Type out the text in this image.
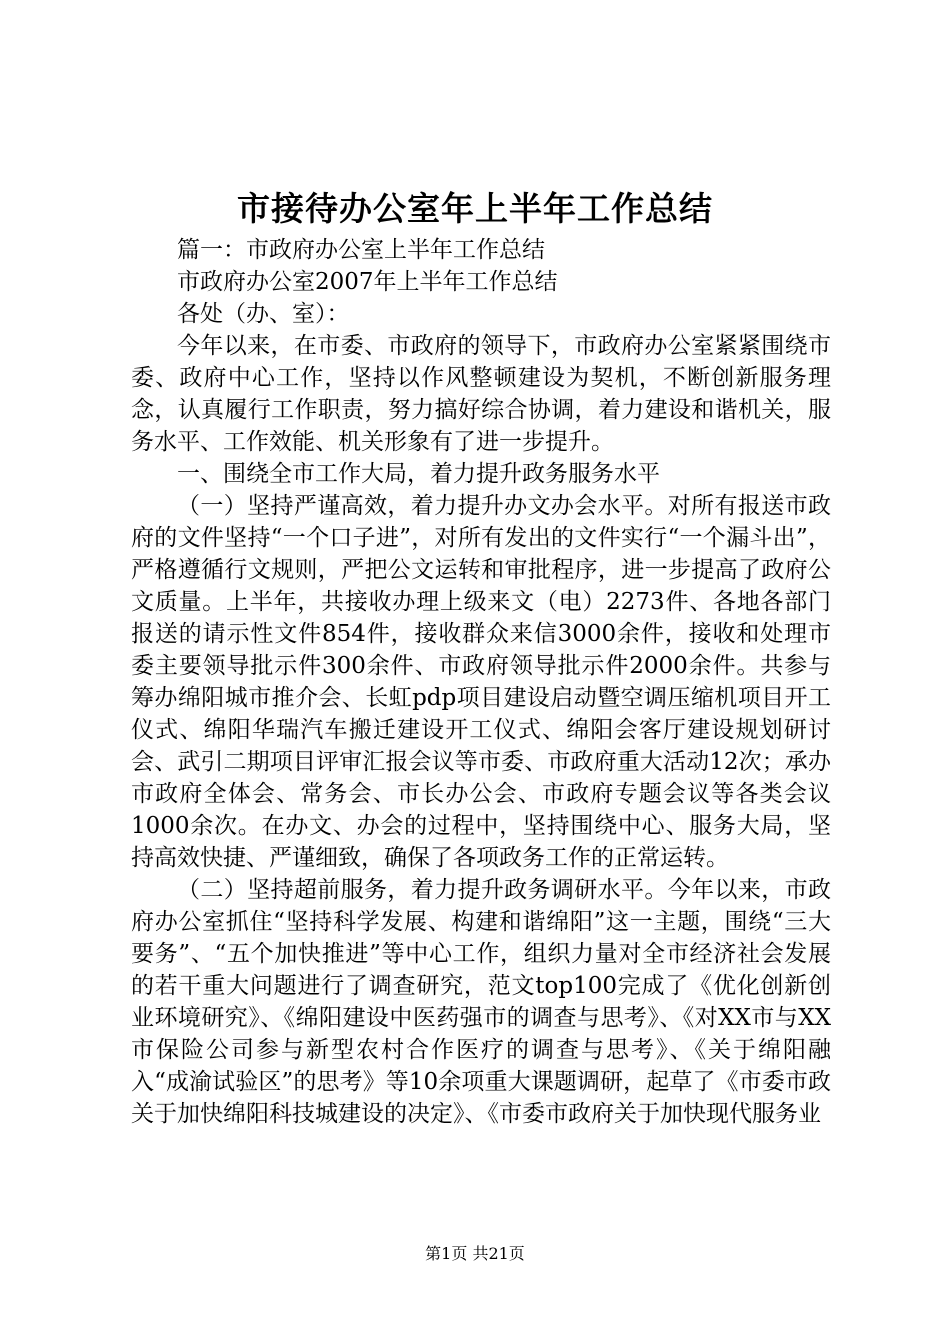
市接待办公室年上半年工作总结

篇一：市政府办公室上半年工作总结

市政府办公室2007年上半年工作总结

各处（办、室）：

今年以来，在市委、市政府的领导下，市政府办公室紧紧围绕市委、政府中心工作，坚持以作风整顿建设为契机，不断创新服务理念，认真履行工作职责，努力搞好综合协调，着力建设和谐机关，服务水平、工作效能、机关形象有了进一步提升。

一、围绕全市工作大局，着力提升政务服务水平

（一）坚持严谨高效，着力提升办文办会水平。对所有报送市政府的文件坚持“一个口子进”，对所有发出的文件实行“一个漏斗出”，严格遵循行文规则，严把公文运转和审批程序，进一步提高了政府公文质量。上半年，共接收办理上级来文（电）2273件、各地各部门报送的请示性文件854件，接收群众来信3000余件，接收和处理市委主要领导批示件300余件、市政府领导批示件2000余件。共参与筹办绵阳城市推介会、长虹pdp项目建设启动暨空调压缩机项目开工仪式、绵阳华瑞汽车搬迁建设开工仪式、绵阳会客厅建设规划研讨会、武引二期项目评审汇报会议等市委、市政府重大活动12次；承办市政府全体会、常务会、市长办公会、市政府专题会议等各类会议1000余次。在办文、办会的过程中，坚持围绕中心、服务大局，坚持高效快捷、严谨细致，确保了各项政务工作的正常运转。

（二）坚持超前服务，着力提升政务调研水平。今年以来，市政府办公室抓住“坚持科学发展、构建和谐绵阳”这一主题，围绕“三大要务”、“五个加快推进”等中心工作，组织力量对全市经济社会发展的若干重大问题进行了调查研究，范文top100完成了《优化创新创业环境研究》、《绵阳建设中医药强市的调查与思考》、《对XX市与XX市保险公司参与新型农村合作医疗的调查与思考》、《关于绵阳融入“成渝试验区”的思考》等10余项重大课题调研，起草了《市委市政关于加快绵阳科技城建设的决定》、《市委市政府关于加快现代服务业

第1页 共21页
